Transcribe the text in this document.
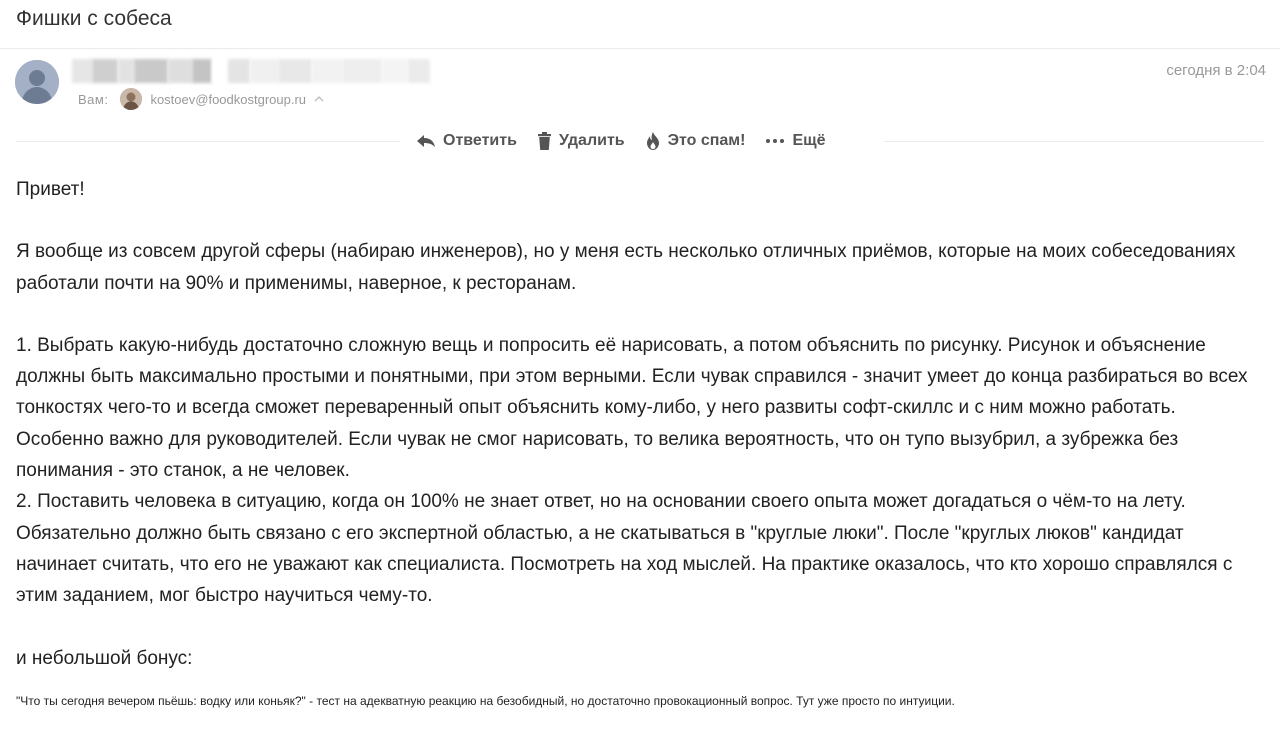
Фишки с собеса
Вам:	kostoev@foodkostgroup.ru
сегодня в 2:04
Ответить	Удалить	Это спам!	Ещё

Привет!

Я вообще из совсем другой сферы (набираю инженеров), но у меня есть несколько отличных приёмов, которые на моих собеседованиях работали почти на 90% и применимы, наверное, к ресторанам.

1. Выбрать какую-нибудь достаточно сложную вещь и попросить её нарисовать, а потом объяснить по рисунку. Рисунок и объяснение должны быть максимально простыми и понятными, при этом верными. Если чувак справился - значит умеет до конца разбираться во всех тонкостях чего-то и всегда сможет переваренный опыт объяснить кому-либо, у него развиты софт-скиллс и с ним можно работать. Особенно важно для руководителей. Если чувак не смог нарисовать, то велика вероятность, что он тупо вызубрил, а зубрежка без понимания - это станок, а не человек.

2. Поставить человека в ситуацию, когда он 100% не знает ответ, но на основании своего опыта может догадаться о чём-то на лету. Обязательно должно быть связано с его экспертной областью, а не скатываться в "круглые люки". После "круглых люков" кандидат начинает считать, что его не уважают как специалиста. Посмотреть на ход мыслей. На практике оказалось, что кто хорошо справлялся с этим заданием, мог быстро научиться чему-то.

и небольшой бонус:

"Что ты сегодня вечером пьёшь: водку или коньяк?" - тест на адекватную реакцию на безобидный, но достаточно провокационный вопрос. Тут уже просто по интуиции.
